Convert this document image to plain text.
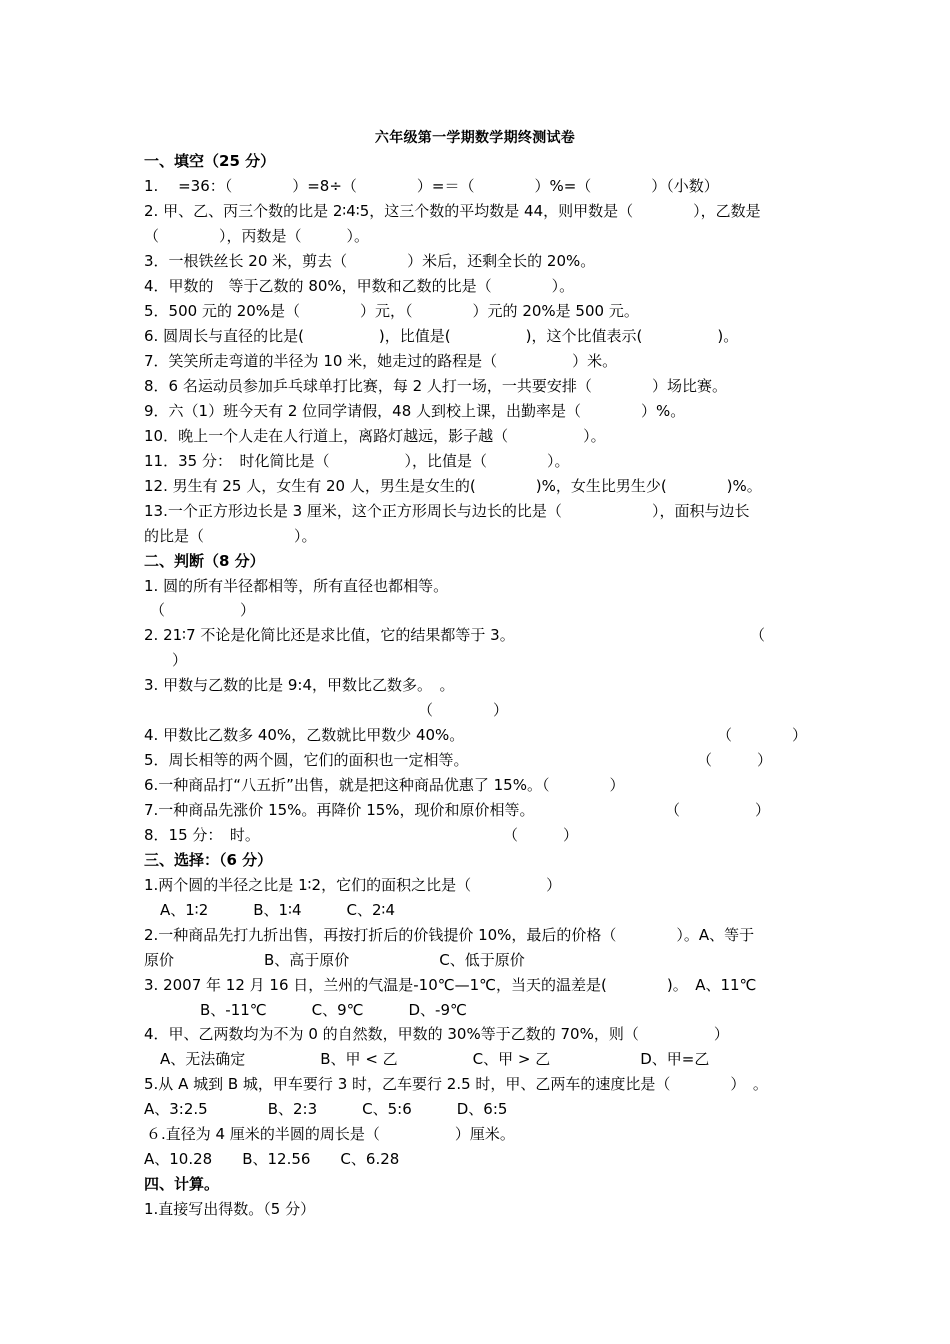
六年级第一学期数学期终测试卷
一、填空（25 分）
1.　 =36：（　　　　）=8÷（　　　　）=＝（　　　　）%=（　　　　）（小数）
2. 甲、乙、丙三个数的比是 2∶4∶5，这三个数的平均数是 44，则甲数是（　　　　），乙数是
（　　　　），丙数是（　　　）。
3．一根铁丝长 20 米，剪去（　　　　）米后，还剩全长的 20%。
4．甲数的　等于乙数的 80%，甲数和乙数的比是（　　　　）。
5．500 元的 20%是（　　　　）元，（　　　　）元的 20%是 500 元。
6. 圆周长与直径的比是(　　　　　)，比值是(　　　　　)，这个比值表示(　　　　　)。
7．笑笑所走弯道的半径为 10 米，她走过的路程是（　　　　　）米。
8．6 名运动员参加乒乓球单打比赛，每 2 人打一场，一共要安排（　　　　）场比赛。
9．六（1）班今天有 2 位同学请假，48 人到校上课，出勤率是（　　　　）%。
10．晚上一个人走在人行道上，离路灯越远，影子越（　　　　　）。
11．35 分：　时化简比是（　　　　　），比值是（　　　　）。
12. 男生有 25 人，女生有 20 人，男生是女生的(　　　　)%，女生比男生少(　　　　)%。
13.一个正方形边长是 3 厘米，这个正方形周长与边长的比是（　　　　　　），面积与边长
的比是（　　　　　　）。
二、判断（8 分）
1. 圆的所有半径都相等，所有直径也都相等。
（　　　　　）
2. 21∶7 不论是化简比还是求比值，它的结果都等于 3。	（
）
3. 甲数与乙数的比是 9:4，甲数比乙数多。　。
（　　　　）
4. 甲数比乙数多 40%，乙数就比甲数少 40%。	（　　　　）
5．周长相等的两个圆，它们的面积也一定相等。	（　　　）
6.一种商品打“八五折”出售，就是把这种商品优惠了 15%。（　　　　）
7.一种商品先涨价 15%。再降价 15%，现价和原价相等。	（　　　　　）
8．15 分：　时。	（　　　）
三、选择：（6 分）
1.两个圆的半径之比是 1∶2，它们的面积之比是（　　　　　）
A、1∶2　　　B、1∶4　　　C、2∶4
2.一种商品先打九折出售，再按打折后的价钱提价 10%，最后的价格（　　　　）。A、等于
原价　　　　　　B、高于原价　　　　　　C、低于原价
3. 2007 年 12 月 16 日，兰州的气温是-10℃—1℃，当天的温差是(　　　　)。　A、11℃
B、-11℃　　　C、9℃　　　D、-9℃
4．甲、乙两数均为不为 0 的自然数，甲数的 30%等于乙数的 70%，则（　　　　　）
A、无法确定　　　　　B、甲 < 乙　　　　　C、甲 > 乙　　　　　　D、甲=乙
5.从 A 城到 B 城，甲车要行 3 时，乙车要行 2.5 时，甲、乙两车的速度比是（　　　　）　。
A、3:2.5　　　　B、2:3　　　C、5:6　　　D、6:5
６.直径为 4 厘米的半圆的周长是（　　　　　）厘米。
A、10.28　　B、12.56　　C、6.28
四、计算。
1.直接写出得数。（5 分）
